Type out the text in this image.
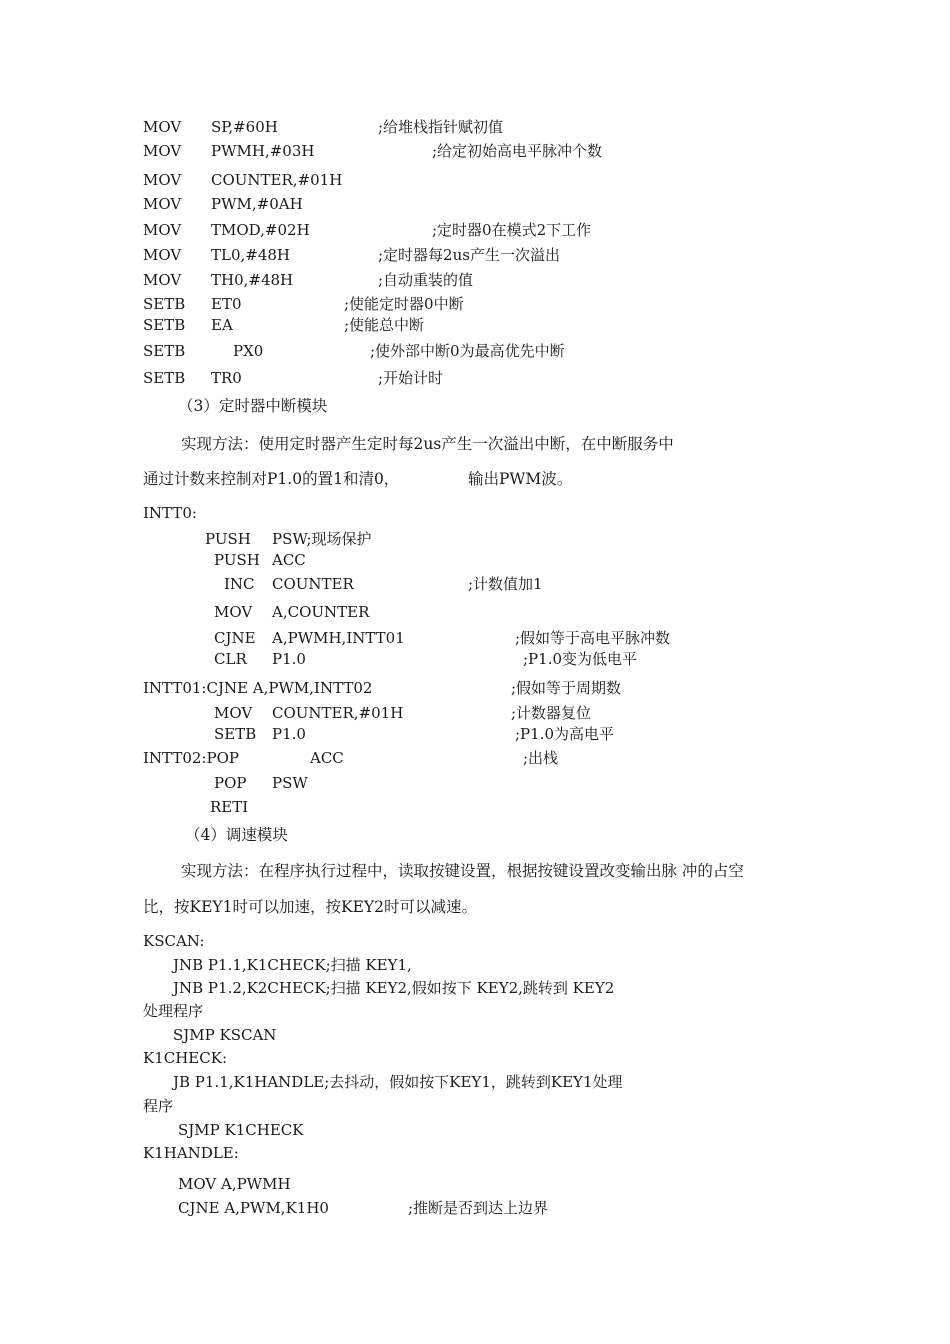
MOV SP,#60H	;给堆栈指针赋初值
MOV PWMH,#03H	;给定初始高电平脉冲个数
MOV COUNTER,#01H
MOV PWM,#0AH
MOV TMOD,#02H	;定时器0在模式2下工作
MOV TL0,#48H	;定时器每2us产生一次溢出
MOV TH0,#48H	;自动重装的值
SETB ET0	;使能定时器0中断
SETB EA	;使能总中断
SETB	PX0	;使外部中断0为最高优先中断
SETB TR0	;开始计时
（3）定时器中断模块
实现方法：使用定时器产生定时每2us产生一次溢出中断，在中断服务中
通过计数来控制对P1.0的置1和清0，	输出PWM波。
INTT0:
PUSH PSW;现场保护
PUSH ACC
INC COUNTER	;计数值加1
MOV A,COUNTER
CJNE A,PWMH,INTT01	;假如等于高电平脉冲数
CLR P1.0	;P1.0变为低电平
INTT01:CJNE A,PWM,INTT02	;假如等于周期数
MOV COUNTER,#01H	;计数器复位
SETB P1.0	;P1.0为高电平
INTT02:POP	ACC	;出栈
POP PSW
RETI
（4）调速模块
实现方法：在程序执行过程中，读取按键设置，根据按键设置改变输出脉 冲的占空
比，按KEY1时可以加速，按KEY2时可以减速。
KSCAN:
JNB P1.1,K1CHECK;扫描 KEY1,
JNB P1.2,K2CHECK;扫描 KEY2,假如按下 KEY2,跳转到 KEY2
处理程序
SJMP KSCAN
K1CHECK:
JB P1.1,K1HANDLE;去抖动，假如按下KEY1，跳转到KEY1处理
程序
SJMP K1CHECK
K1HANDLE:
MOV A,PWMH
CJNE A,PWM,K1H0	;推断是否到达上边界
